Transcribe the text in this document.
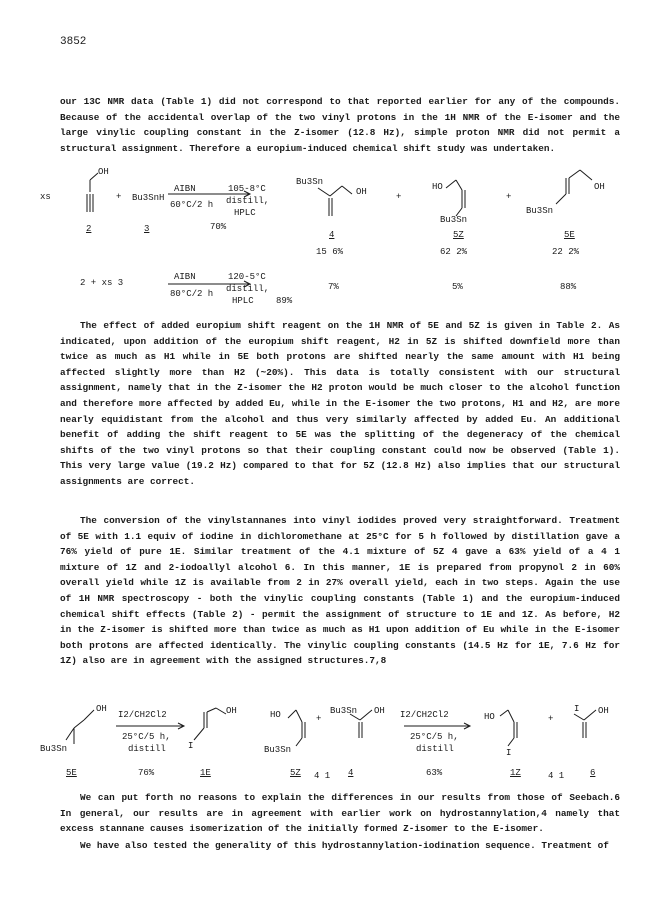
3852

our 13C NMR data (Table 1) did not correspond to that reported earlier for any of the compounds. Because of the accidental overlap of the two vinyl protons in the 1H NMR of the E-isomer and the large vinylic coupling constant in the Z-isomer (12.8 Hz), simple proton NMR did not permit a structural assignment. Therefore a europium-induced chemical shift study was undertaken.

xs
OH
+ Bu3SnH
AIBN
60°C/2 h
105-8°C
distill,
HPLC
70%
Bu3Sn
OH	+
HO
Bu3Sn
+
OH
Bu3Sn
2	3
4	5Z	5E
15 6%	62 2%	22 2%
2 + xs 3
AIBN
80°C/2 h
120-5°C
distill,
HPLC 89%
7%	5%	88%

The effect of added europium shift reagent on the 1H NMR of 5E and 5Z is given in Table 2. As indicated, upon addition of the europium shift reagent, H2 in 5Z is shifted downfield more than twice as much as H1 while in 5E both protons are shifted nearly the same amount with H1 being affected slightly more than H2 (~20%). This data is totally consistent with our structural assignment, namely that in the Z-isomer the H2 proton would be much closer to the alcohol function and therefore more affected by added Eu, while in the E-isomer the two protons, H1 and H2, are more nearly equidistant from the alcohol and thus very similarly affected by added Eu. An additional benefit of adding the shift reagent to 5E was the splitting of the degeneracy of the chemical shifts of the two vinyl protons so that their coupling constant could now be observed (Table 1). This very large value (19.2 Hz) compared to that for 5Z (12.8 Hz) also implies that our structural assignments are correct.

The conversion of the vinylstannanes into vinyl iodides proved very straightforward. Treatment of 5E with 1.1 equiv of iodine in dichloromethane at 25°C for 5 h followed by distillation gave a 76% yield of pure 1E. Similar treatment of the 4.1 mixture of 5Z 4 gave a 63% yield of a 4 1 mixture of 1Z and 2-iodoallyl alcohol 6. In this manner, 1E is prepared from propynol 2 in 60% overall yield while 1Z is available from 2 in 27% overall yield, each in two steps. Again the use of 1H NMR spectroscopy - both the vinylic coupling constants (Table 1) and the europium-induced chemical shift effects (Table 2) - permit the assignment of structure to 1E and 1Z. As before, H2 in the Z-isomer is shifted more than twice as much as H1 upon addition of Eu while in the E-isomer both protons are affected identically. The vinylic coupling constants (14.5 Hz for 1E, 7.6 Hz for 1Z) also are in agreement with the assigned structures.7,8

OH
Bu3Sn
I2/CH2Cl2
25°C/5 h,
distill
OH
I
HO
Bu3Sn
+
Bu3Sn OH I2/CH2Cl2
25°C/5 h,
distill
HO
I
+
I OH
5E	76%	1E	5Z 4 1 4	63%	1Z	4 1	6

We can put forth no reasons to explain the differences in our results from those of Seebach.6 In general, our results are in agreement with earlier work on hydrostannylation,4 namely that excess stannane causes isomerization of the initially formed Z-isomer to the E-isomer.

We have also tested the generality of this hydrostannylation-iodination sequence. Treatment of
